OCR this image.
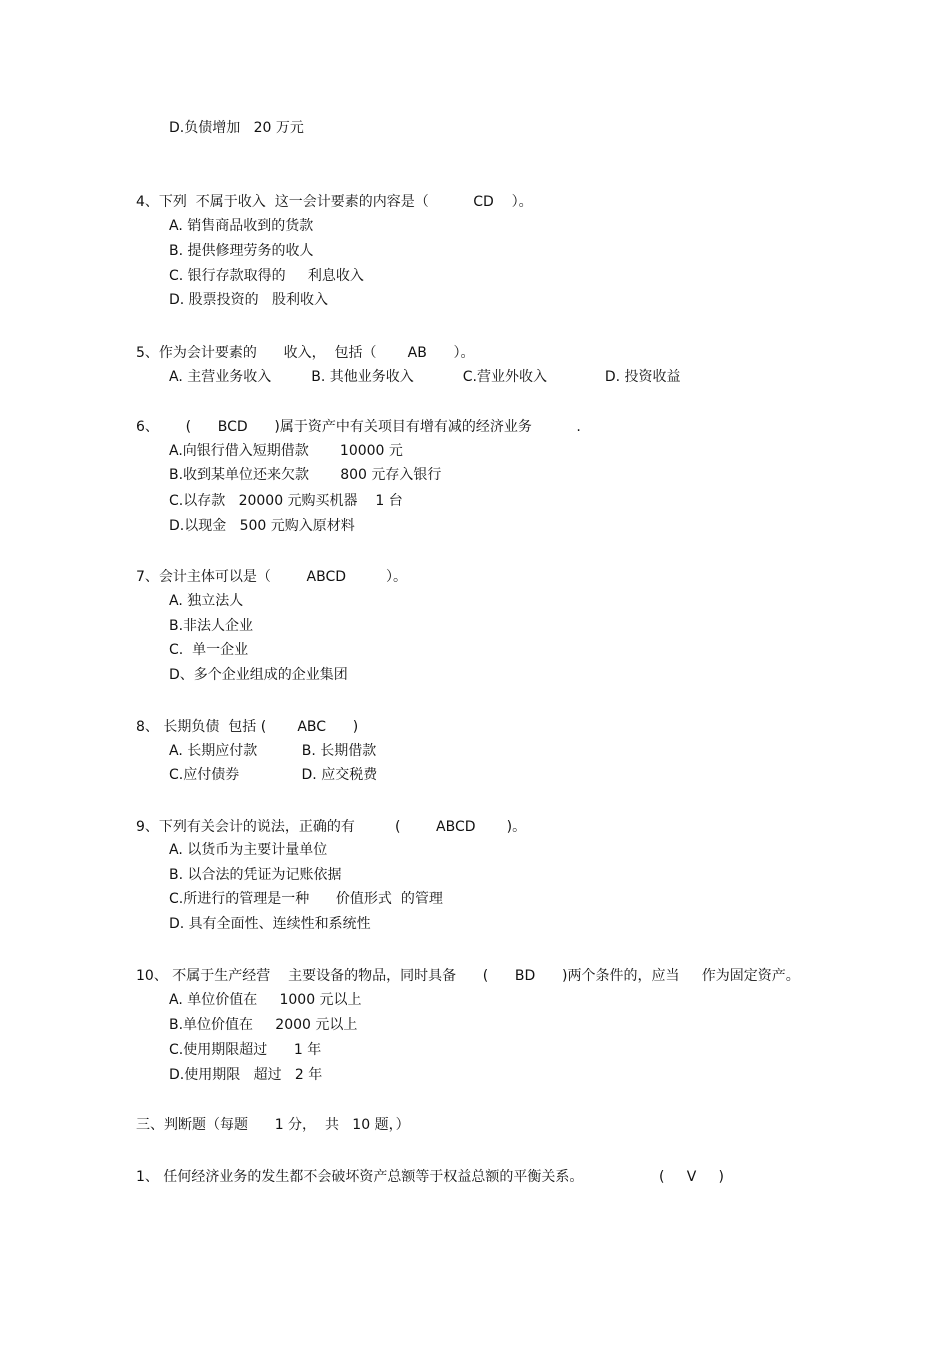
D.负债增加   20 万元
4、下列  不属于收入  这一会计要素的内容是（          CD    ）。
A. 销售商品收到的货款
B. 提供修理劳务的收人
C. 银行存款取得的     利息收入
D. 股票投资的   股利收入
5、作为会计要素的      收入，  包括（       AB      ）。
A. 主营业务收入         B. 其他业务收入           C.营业外收入             D. 投资收益
6、      (      BCD      )属于资产中有关项目有增有减的经济业务          .
A.向银行借入短期借款       10000 元
B.收到某单位还来欠款       800 元存入银行
C.以存款   20000 元购买机器    1 台
D.以现金   500 元购入原材料
7、会计主体可以是（        ABCD         ）。
A. 独立法人
B.非法人企业
C.  单一企业
D、多个企业组成的企业集团
8、 长期负债  包括 (       ABC      )
A. 长期应付款          B. 长期借款
C.应付债券              D. 应交税费
9、下列有关会计的说法，正确的有         (        ABCD       )。
A. 以货币为主要计量单位
B. 以合法的凭证为记账依据
C.所进行的管理是一种      价值形式  的管理
D. 具有全面性、连续性和系统性
10、 不属于生产经营    主要设备的物品，同时具备      (      BD      )两个条件的，应当     作为固定资产。
A. 单位价值在     1000 元以上
B.单位价值在     2000 元以上
C.使用期限超过      1 年
D.使用期限   超过   2 年
三、判断题（每题      1 分，  共   10 题，）
1、 任何经济业务的发生都不会破坏资产总额等于权益总额的平衡关系。                 (     V     )
